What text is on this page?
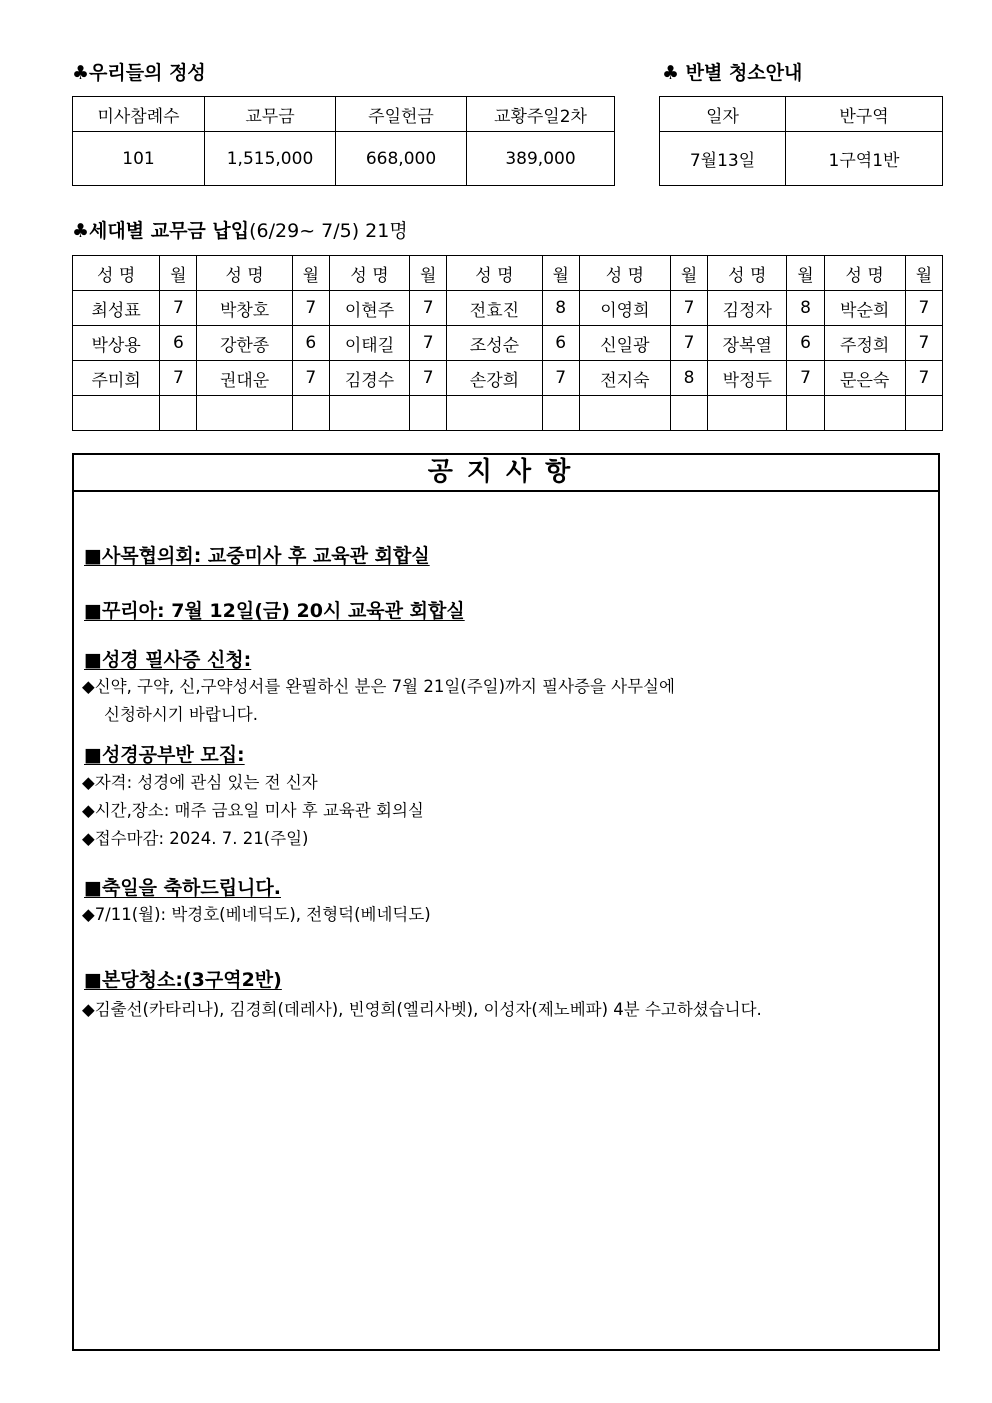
♣우리들의 정성
미사참례수	교무금	주일헌금	교황주일2차
101	1,515,000	668,000	389,000
♣ 반별 청소안내
일자	반구역
7월13일	1구역1반
♣세대별 교무금 납입(6/29~ 7/5) 21명
성 명	월	성 명	월	성 명	월	성 명	월	성 명	월	성 명	월	성 명	월
최성표	7	박창호	7	이현주	7	전효진	8	이영희	7	김정자	8	박순희	7
박상용	6	강한종	6	이태길	7	조성순	6	신일광	7	장복열	6	주정희	7
주미희	7	권대운	7	김경수	7	손강희	7	전지숙	8	박정두	7	문은숙	7

공지사항
■사목협의회: 교중미사 후 교육관 회합실
■꾸리아: 7월 12일(금) 20시 교육관 회합실
■성경 필사증 신청:
◆신약, 구약, 신,구약성서를 완필하신 분은 7월 21일(주일)까지 필사증을 사무실에
신청하시기 바랍니다.
■성경공부반 모집:
◆자격: 성경에 관심 있는 전 신자
◆시간,장소: 매주 금요일 미사 후 교육관 회의실
◆접수마감: 2024. 7. 21(주일)
■축일을 축하드립니다.
◆7/11(월): 박경호(베네딕도), 전형덕(베네딕도)
■본당청소:(3구역2반)
◆김출선(카타리나), 김경희(데레사), 빈영희(엘리사벳), 이성자(제노베파) 4분 수고하셨습니다.
